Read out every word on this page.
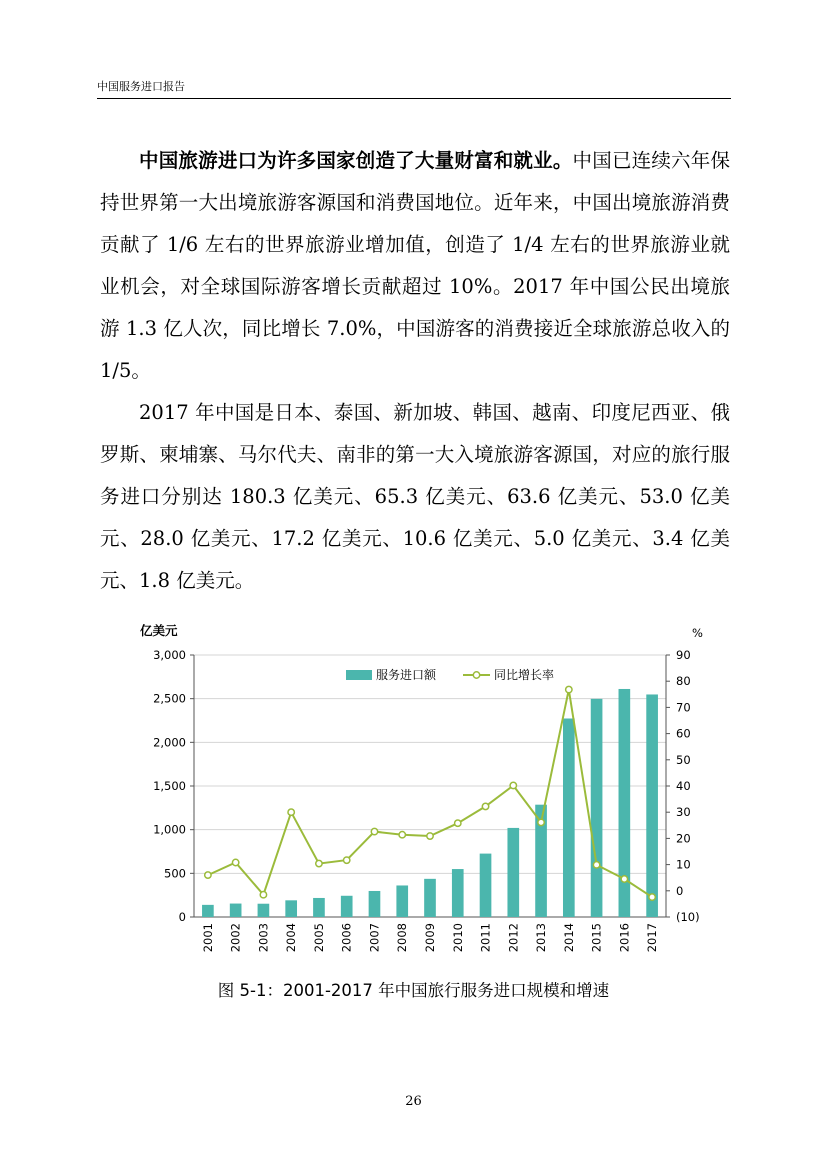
中国服务进口报告

中国旅游进口为许多国家创造了大量财富和就业。中国已连续六年保持世界第一大出境旅游客源国和消费国地位。近年来，中国出境旅游消费贡献了 1/6 左右的世界旅游业增加值，创造了 1/4 左右的世界旅游业就业机会，对全球国际游客增长贡献超过 10%。2017 年中国公民出境旅游 1.3 亿人次，同比增长 7.0%，中国游客的消费接近全球旅游总收入的 1/5。

2017 年中国是日本、泰国、新加坡、韩国、越南、印度尼西亚、俄罗斯、柬埔寨、马尔代夫、南非的第一大入境旅游客源国，对应的旅行服务进口分别达 180.3 亿美元、65.3 亿美元、63.6 亿美元、53.0 亿美元、28.0 亿美元、17.2 亿美元、10.6 亿美元、5.0 亿美元、3.4 亿美元、1.8 亿美元。

0
500
1,000
1,500
2,000
2,500
3,000
(10)
0
10
20
30
40
50
60
70
80
90
亿美元	%
2001 2002 2003 2004 2005 2006 2007 2008 2009 2010 2011 2012 2013 2014 2015 2016 2017
服务进口额	同比增长率
图 5-1：2001-2017 年中国旅行服务进口规模和增速
26
